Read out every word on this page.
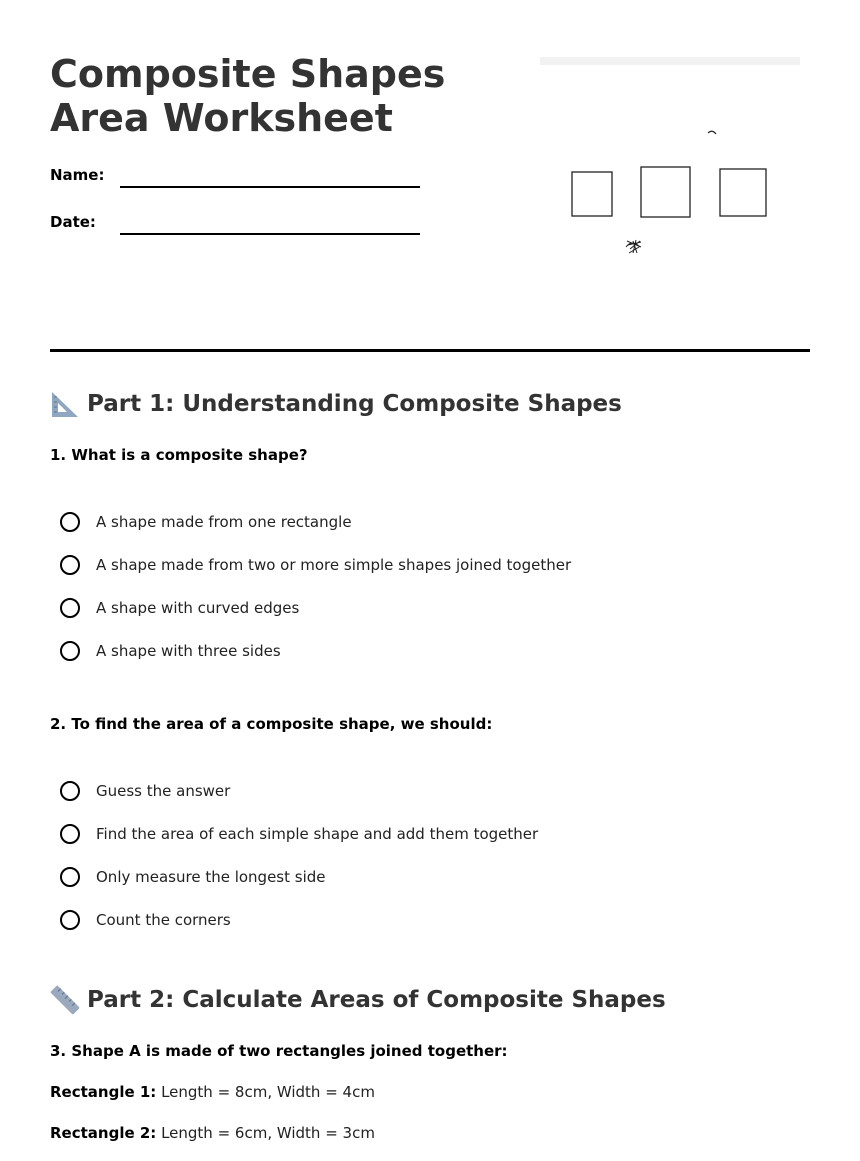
Composite Shapes Area Worksheet
Name:
Date:
Part 1: Understanding Composite Shapes

1. What is a composite shape?

A shape made from one rectangle
A shape made from two or more simple shapes joined together
A shape with curved edges
A shape with three sides

2. To find the area of a composite shape, we should:

Guess the answer
Find the area of each simple shape and add them together
Only measure the longest side
Count the corners
Part 2: Calculate Areas of Composite Shapes

3. Shape A is made of two rectangles joined together:

Rectangle 1: Length = 8cm, Width = 4cm

Rectangle 2: Length = 6cm, Width = 3cm
